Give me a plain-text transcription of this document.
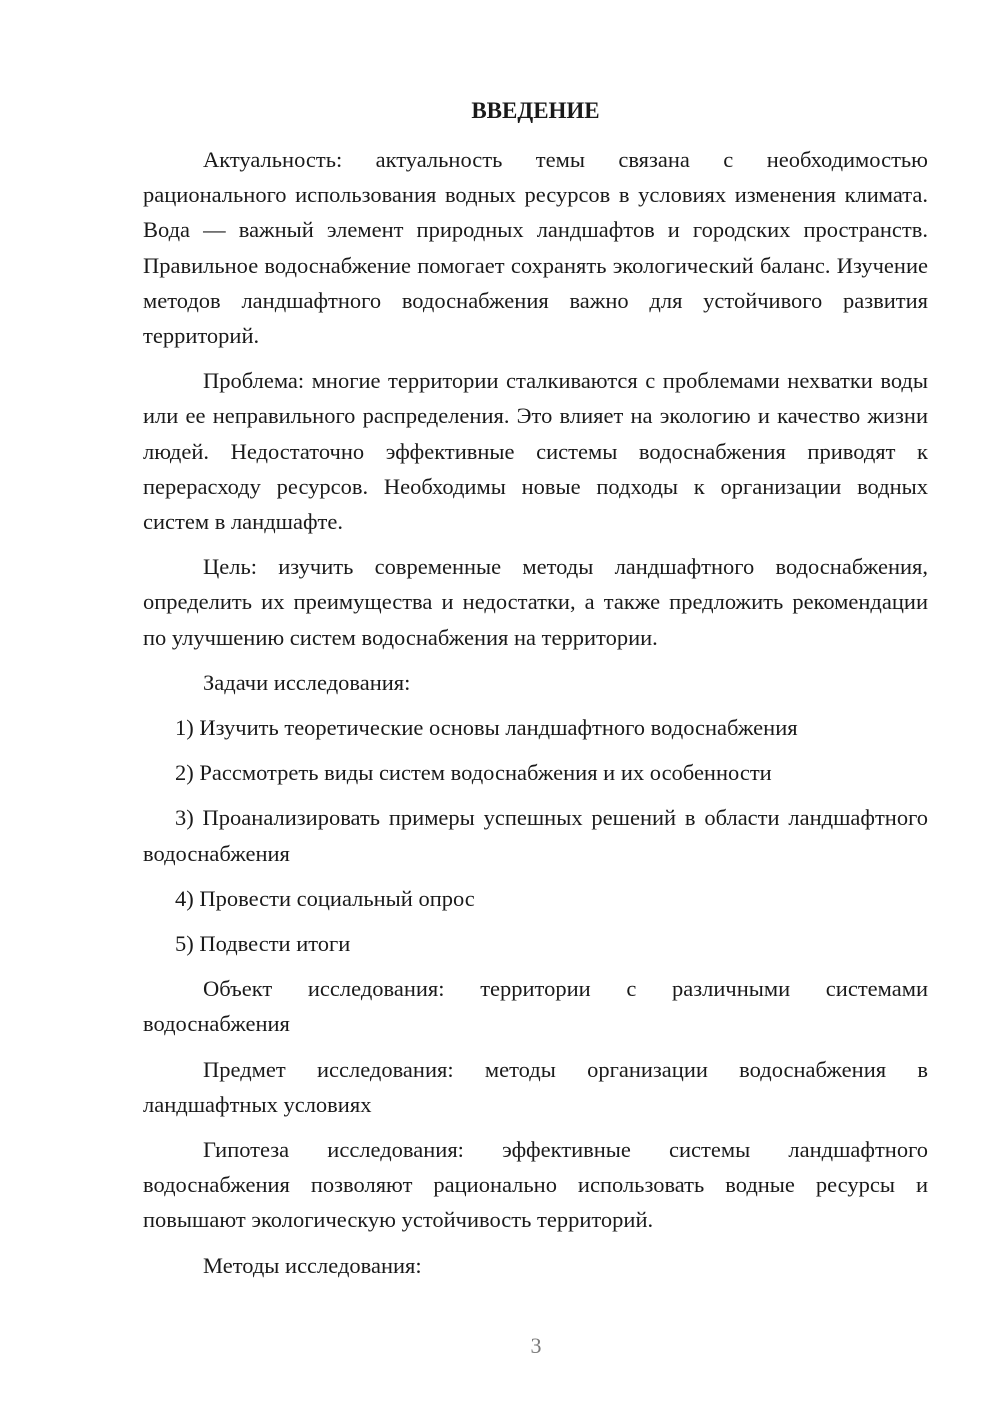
ВВЕДЕНИЕ

Актуальность: актуальность темы связана с необходимостью рационального использования водных ресурсов в условиях изменения климата. Вода — важный элемент природных ландшафтов и городских пространств. Правильное водоснабжение помогает сохранять экологический баланс. Изучение методов ландшафтного водоснабжения важно для устойчивого развития территорий.

Проблема: многие территории сталкиваются с проблемами нехватки воды или ее неправильного распределения. Это влияет на экологию и качество жизни людей. Недостаточно эффективные системы водоснабжения приводят к перерасходу ресурсов. Необходимы новые подходы к организации водных систем в ландшафте.

Цель: изучить современные методы ландшафтного водоснабжения, определить их преимущества и недостатки, а также предложить рекомендации по улучшению систем водоснабжения на территории.

Задачи исследования:

1) Изучить теоретические основы ландшафтного водоснабжения

2) Рассмотреть виды систем водоснабжения и их особенности

3) Проанализировать примеры успешных решений в области ландшафтного водоснабжения

4) Провести социальный опрос

5) Подвести итоги

Объект исследования: территории с различными системами водоснабжения

Предмет исследования: методы организации водоснабжения в ландшафтных условиях

Гипотеза исследования: эффективные системы ландшафтного водоснабжения позволяют рационально использовать водные ресурсы и повышают экологическую устойчивость территорий.

Методы исследования:

3
